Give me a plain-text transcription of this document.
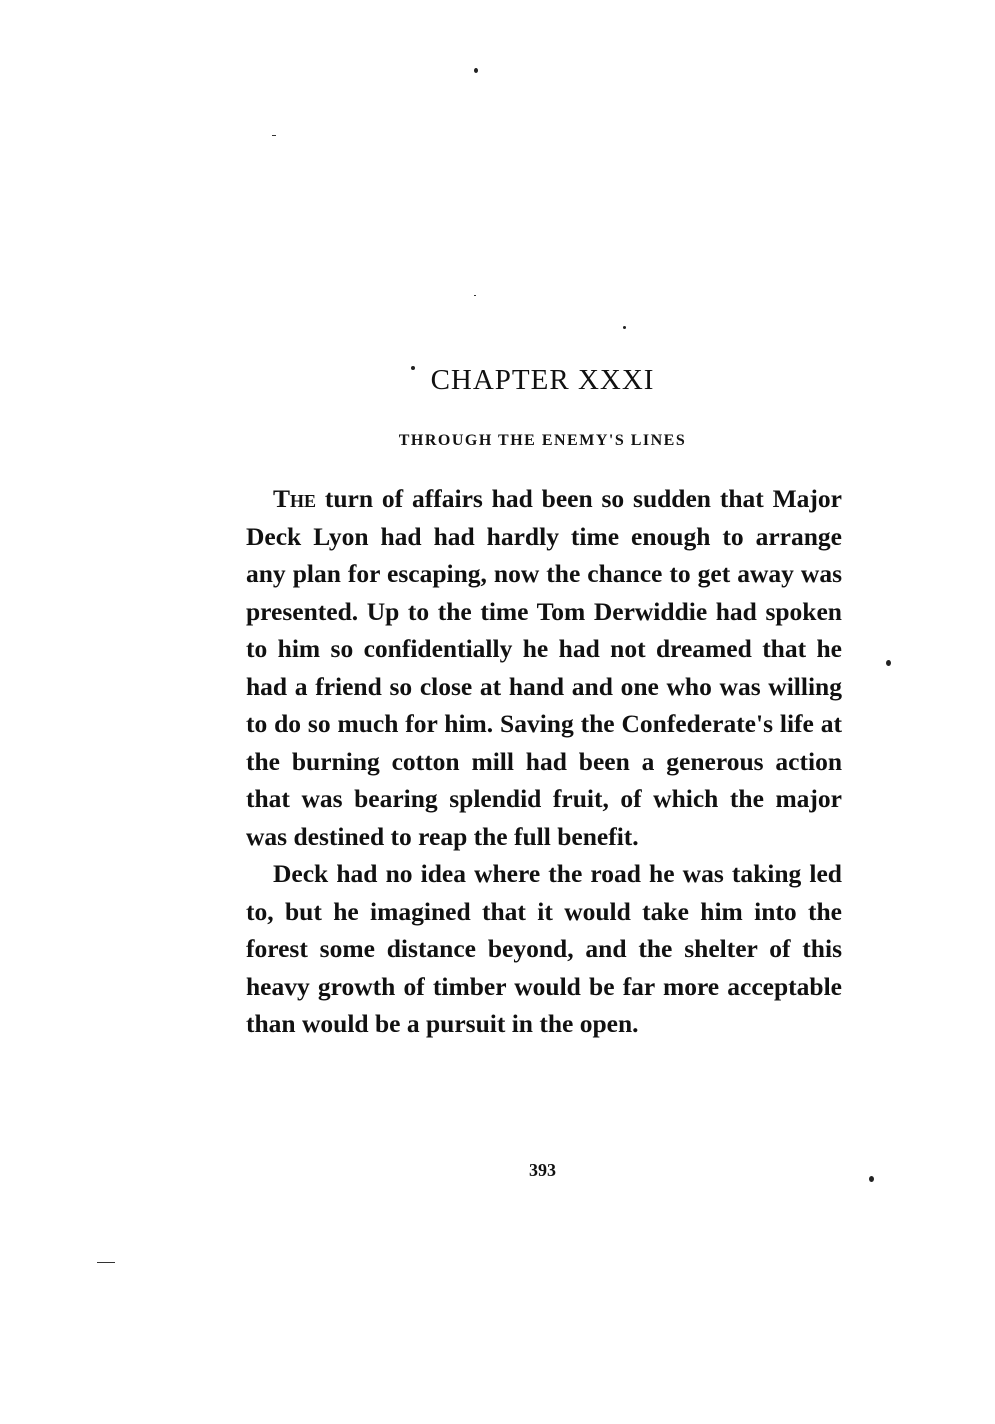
CHAPTER XXXI
THROUGH THE ENEMY'S LINES

The turn of affairs had been so sudden that Major Deck Lyon had had hardly time enough to arrange any plan for escaping, now the chance to get away was presented. Up to the time Tom Derwiddie had spoken to him so confidentially he had not dreamed that he had a friend so close at hand and one who was willing to do so much for him. Saving the Confederate's life at the burning cotton mill had been a generous action that was bearing splendid fruit, of which the major was destined to reap the full benefit.

Deck had no idea where the road he was taking led to, but he imagined that it would take him into the forest some distance beyond, and the shelter of this heavy growth of timber would be far more acceptable than would be a pursuit in the open.

393
